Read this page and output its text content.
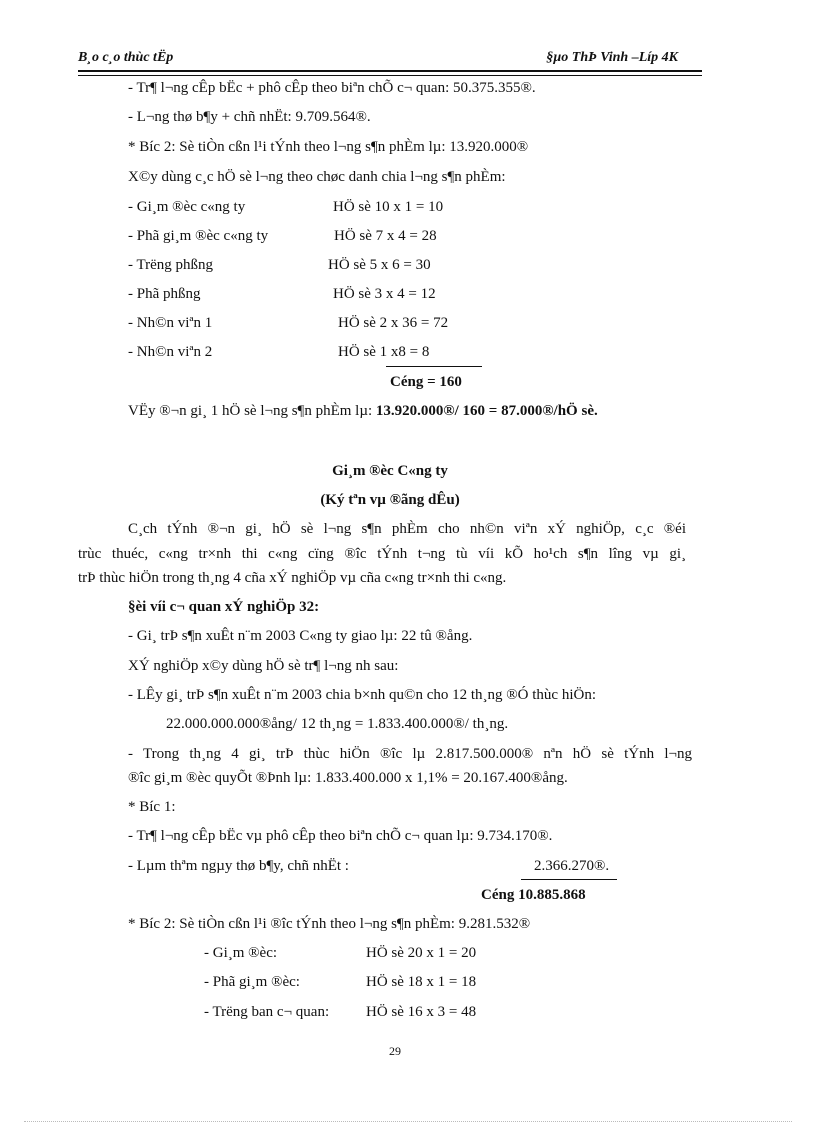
B¸o c¸o thùc tËp	§µo ThÞ Vinh –Líp 4K
- Tr¶ l¬ng cÊp bËc + phô cÊp theo biªn chÕ c¬ quan: 50.375.355®.
- L¬ng thø b¶y + chñ nhËt: 9.709.564®.
* Bíc 2: Sè tiÒn cßn l¹i tÝnh theo l¬ng s¶n phÈm lµ: 13.920.000®
X©y dùng c¸c hÖ sè l¬ng theo chøc danh chia l¬ng s¶n phÈm:
- Gi¸m ®èc c«ng ty	HÖ sè 10 x 1 = 10
- Phã gi¸m ®èc c«ng ty	HÖ sè 7 x 4 = 28
- Trëng phßng	HÖ sè 5 x 6 = 30
- Phã phßng	HÖ sè 3 x 4 = 12
- Nh©n viªn 1	HÖ sè 2 x 36 = 72
- Nh©n viªn 2	HÖ sè 1 x8 = 8
Céng = 160
VËy ®¬n gi¸ 1 hÖ sè l¬ng s¶n phÈm lµ: 13.920.000®/ 160 = 87.000®/hÖ sè.
Gi¸m ®èc C«ng ty
(Ký tªn vµ ®ãng dÊu)
C¸ch tÝnh ®¬n gi¸ hÖ sè l¬ng s¶n phÈm cho nh©n viªn xÝ nghiÖp, c¸c ®éi
trùc thuéc, c«ng tr×nh thi c«ng cïng ®îc tÝnh t¬ng tù víi kÕ ho¹ch s¶n lîng vµ gi¸
trÞ thùc hiÖn trong th¸ng 4 cña xÝ nghiÖp vµ cña c«ng tr×nh thi c«ng.
§èi víi c¬ quan xÝ nghiÖp 32:
- Gi¸ trÞ s¶n xuÊt n¨m 2003 C«ng ty giao lµ: 22 tû ®ång.
XÝ nghiÖp x©y dùng hÖ sè tr¶ l¬ng nh sau:
- LÊy gi¸ trÞ s¶n xuÊt n¨m 2003 chia b×nh qu©n cho 12 th¸ng ®Ó thùc hiÖn:
22.000.000.000®ång/ 12 th¸ng = 1.833.400.000®/ th¸ng.
- Trong th¸ng 4 gi¸ trÞ thùc hiÖn ®îc lµ 2.817.500.000® nªn hÖ sè tÝnh l¬ng
®îc gi¸m ®èc quyÕt ®Þnh lµ: 1.833.400.000 x 1,1% = 20.167.400®ång.
* Bíc 1:
- Tr¶ l¬ng cÊp bËc vµ phô cÊp theo biªn chÕ c¬ quan lµ: 9.734.170®.
- Lµm thªm ngµy thø b¶y, chñ nhËt :	2.366.270®.
Céng 10.885.868
* Bíc 2: Sè tiÒn cßn l¹i ®îc tÝnh theo l¬ng s¶n phÈm: 9.281.532®
- Gi¸m ®èc:	HÖ sè 20 x 1 = 20
- Phã gi¸m ®èc:	HÖ sè 18 x 1 = 18
- Trëng ban c¬ quan: HÖ sè 16 x 3 = 48
29
